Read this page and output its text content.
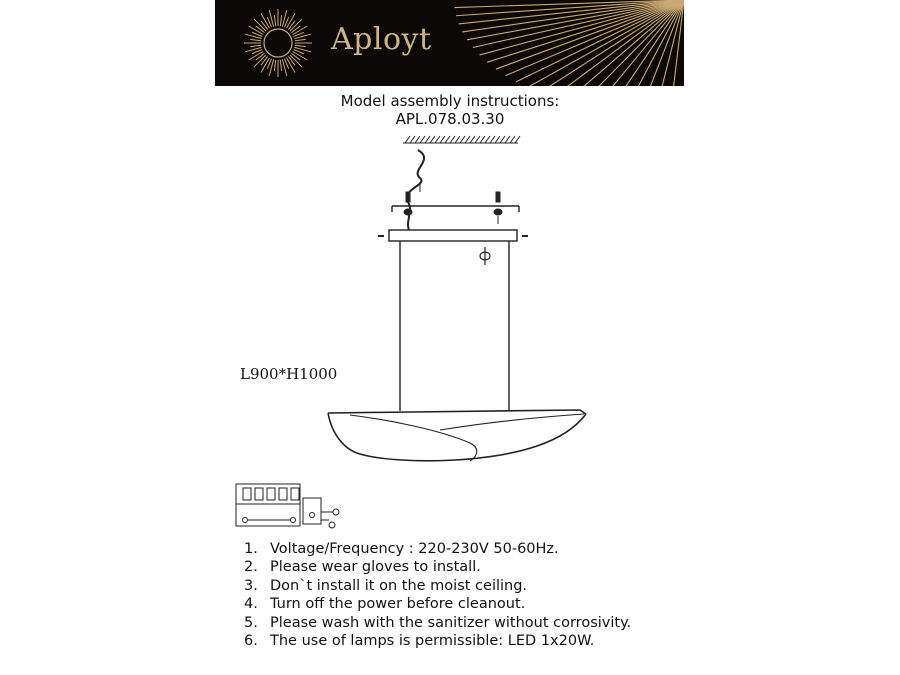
Aployt
Model assembly instructions:
APL.078.03.30
L900*H1000
1. Voltage/Frequency : 220-230V 50-60Hz.
2. Please wear gloves to install.
3. Don`t install it on the moist ceiling.
4. Turn off the power before cleanout.
5. Please wash with the sanitizer without corrosivity.
6. The use of lamps is permissible: LED 1x20W.
